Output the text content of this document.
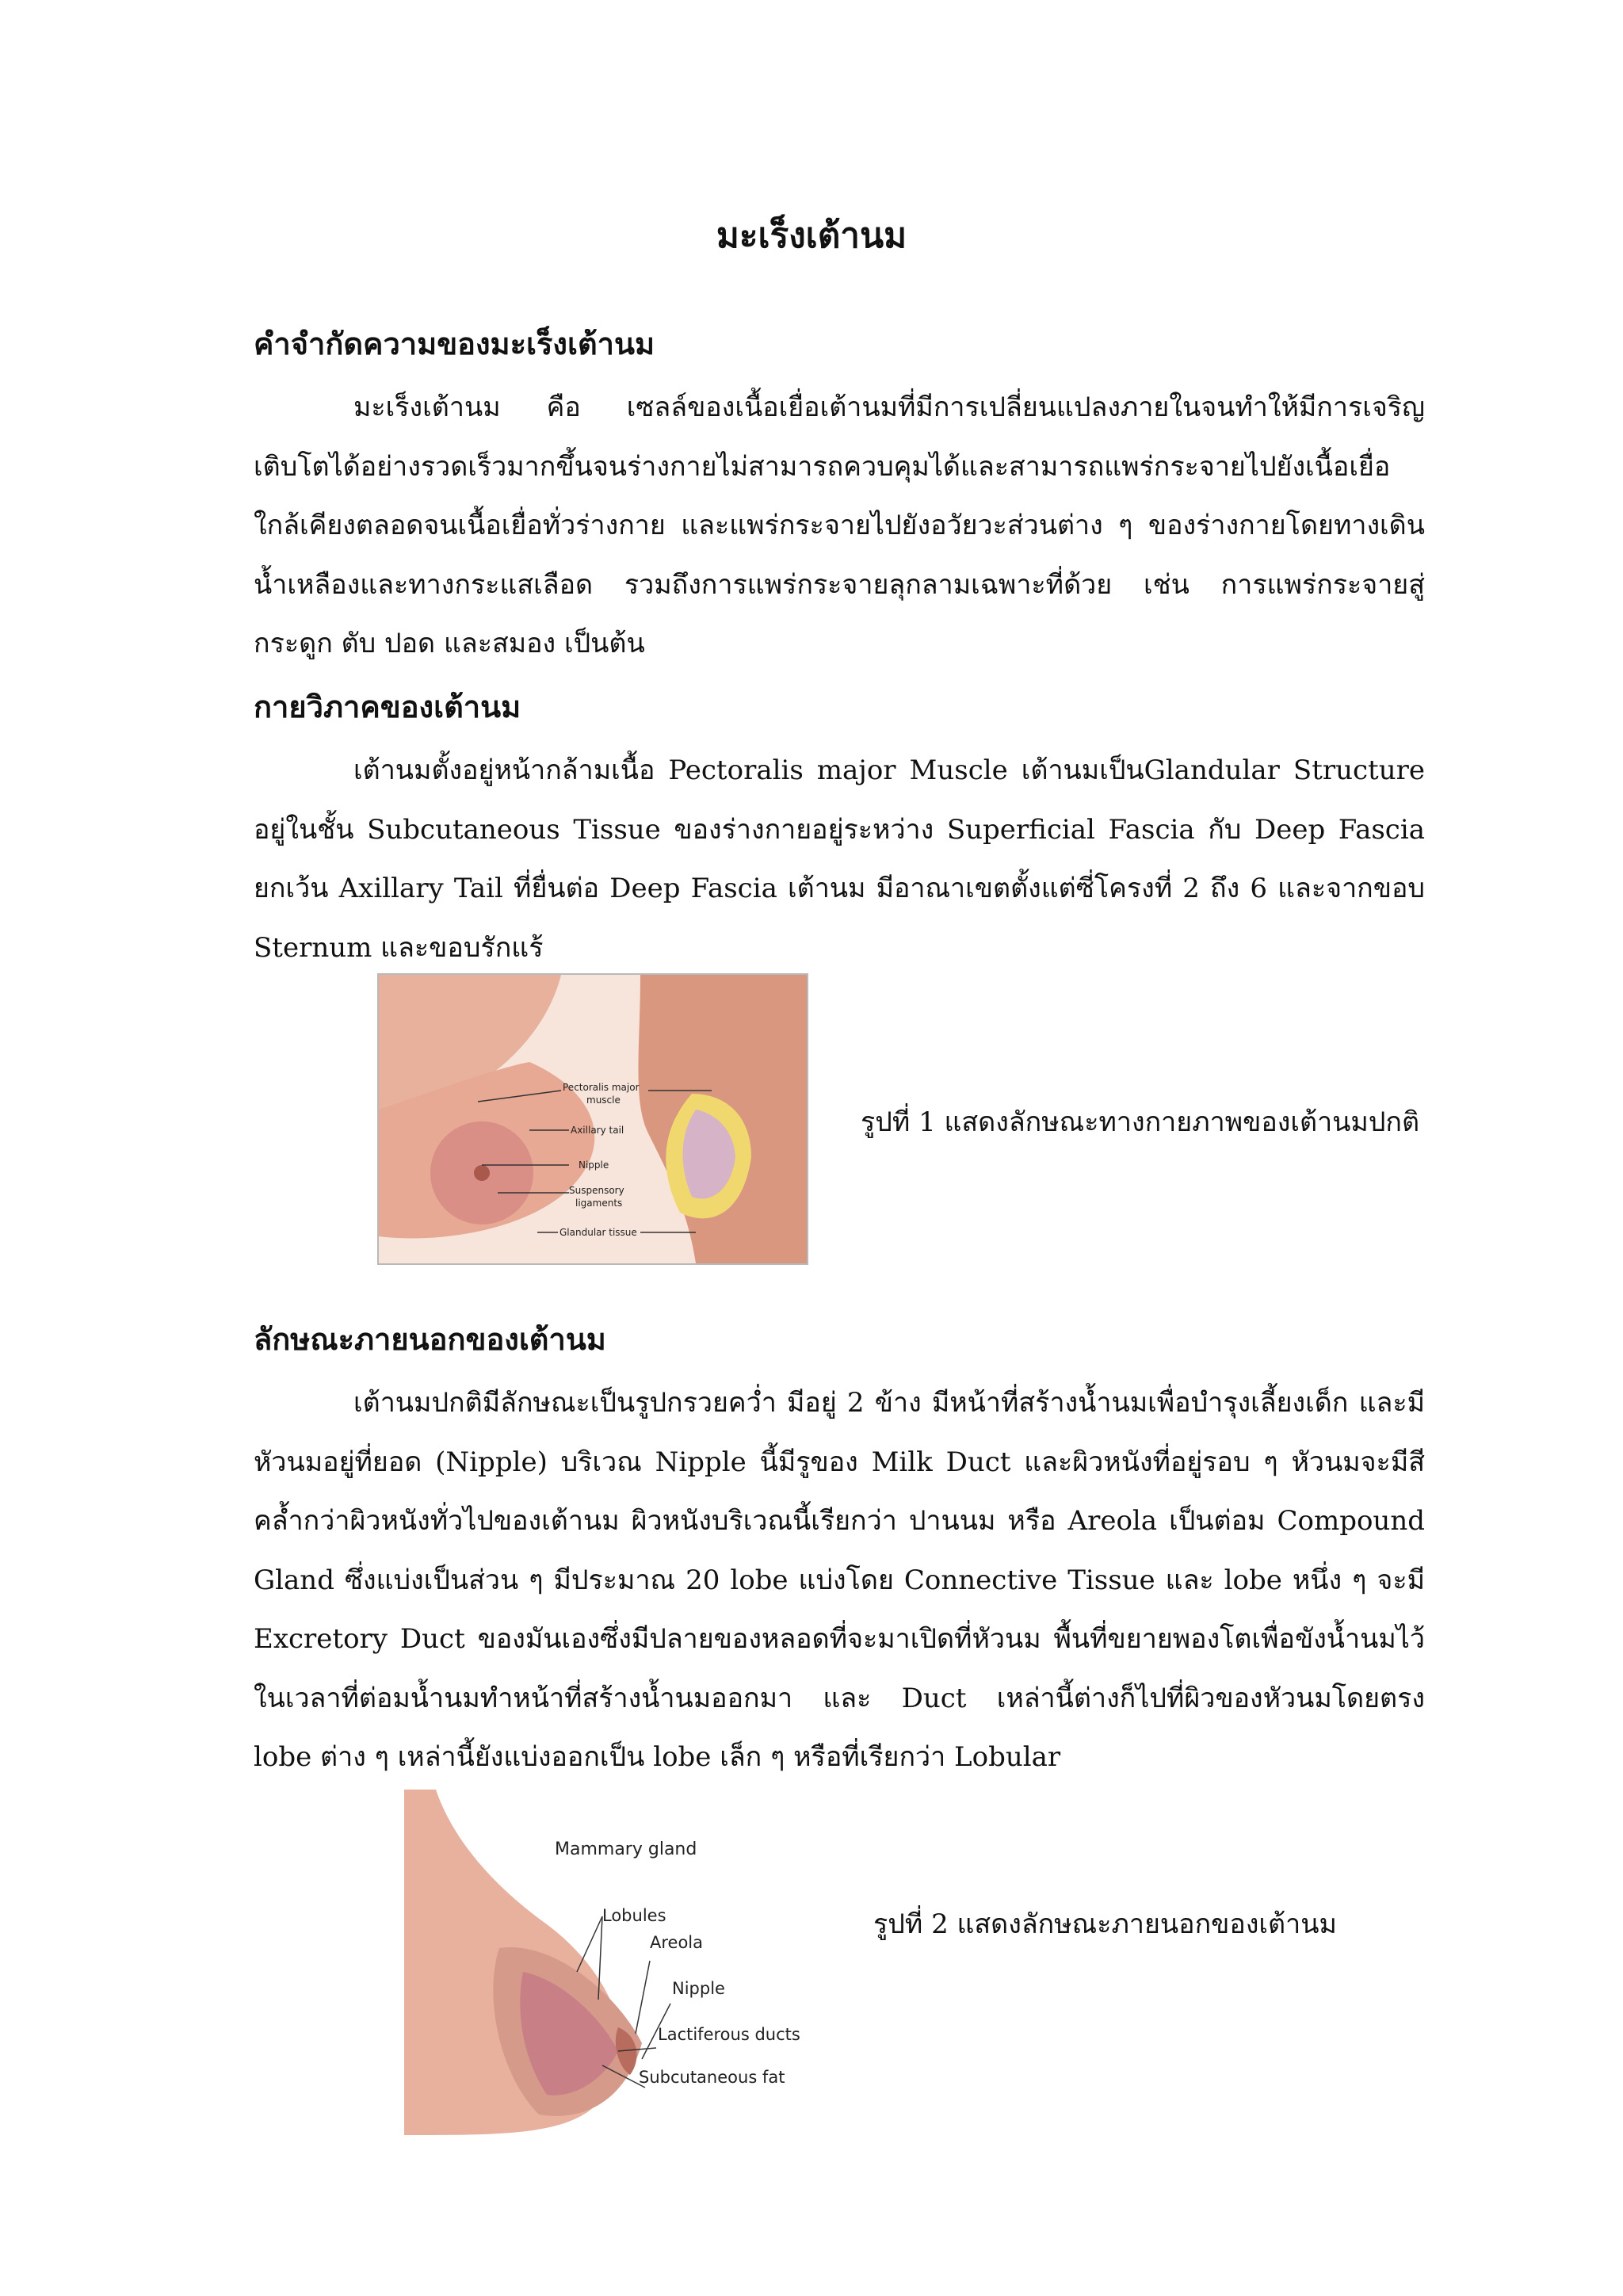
มะเร็งเต้านม
คำจำกัดความของมะเร็งเต้านม

มะเร็งเต้านม คือ เซลล์ของเนื้อเยื่อเต้านมที่มีการเปลี่ยนแปลงภายในจนทำให้มีการเจริญเติบโตได้อย่างรวดเร็วมากขึ้นจนร่างกายไม่สามารถควบคุมได้และสามารถแพร่กระจายไปยังเนื้อเยื่อใกล้เคียงตลอดจนเนื้อเยื่อทั่วร่างกาย และแพร่กระจายไปยังอวัยวะส่วนต่าง ๆ ของร่างกายโดยทางเดินน้ำเหลืองและทางกระแสเลือด รวมถึงการแพร่กระจายลุกลามเฉพาะที่ด้วย เช่น การแพร่กระจายสู่กระดูก ตับ ปอด และสมอง เป็นต้น

กายวิภาคของเต้านม

เต้านมตั้งอยู่หน้ากล้ามเนื้อ Pectoralis major Muscle เต้านมเป็นGlandular Structure อยู่ในชั้น Subcutaneous Tissue ของร่างกายอยู่ระหว่าง Superficial Fascia กับ Deep Fascia ยกเว้น Axillary Tail ที่ยื่นต่อ Deep Fascia เต้านม มีอาณาเขตตั้งแต่ซี่โครงที่ 2 ถึง 6 และจากขอบ Sternum และขอบรักแร้

Pectoralis major
muscle
Axillary tail
Nipple
Suspensory
ligaments
Glandular tissue

รูปที่ 1 แสดงลักษณะทางกายภาพของเต้านมปกติ

ลักษณะภายนอกของเต้านม

เต้านมปกติมีลักษณะเป็นรูปกรวยคว่ำ มีอยู่ 2 ข้าง มีหน้าที่สร้างน้ำนมเพื่อบำรุงเลี้ยงเด็ก และมีหัวนมอยู่ที่ยอด (Nipple) บริเวณ Nipple นี้มีรูของ Milk Duct และผิวหนังที่อยู่รอบ ๆ หัวนมจะมีสีคล้ำกว่าผิวหนังทั่วไปของเต้านม ผิวหนังบริเวณนี้เรียกว่า ปานนม หรือ Areola เป็นต่อม Compound Gland ซึ่งแบ่งเป็นส่วน ๆ มีประมาณ 20 lobe แบ่งโดย Connective Tissue และ lobe หนึ่ง ๆ จะมี Excretory Duct ของมันเองซึ่งมีปลายของหลอดที่จะมาเปิดที่หัวนม พื้นที่ขยายพองโตเพื่อขังน้ำนมไว้ในเวลาที่ต่อมน้ำนมทำหน้าที่สร้างน้ำนมออกมา และ Duct เหล่านี้ต่างก็ไปที่ผิวของหัวนมโดยตรง lobe ต่าง ๆ เหล่านี้ยังแบ่งออกเป็น lobe เล็ก ๆ หรือที่เรียกว่า Lobular

Mammary gland
Lobules
Areola
Nipple
Lactiferous ducts
Subcutaneous fat

รูปที่ 2 แสดงลักษณะภายนอกของเต้านม
